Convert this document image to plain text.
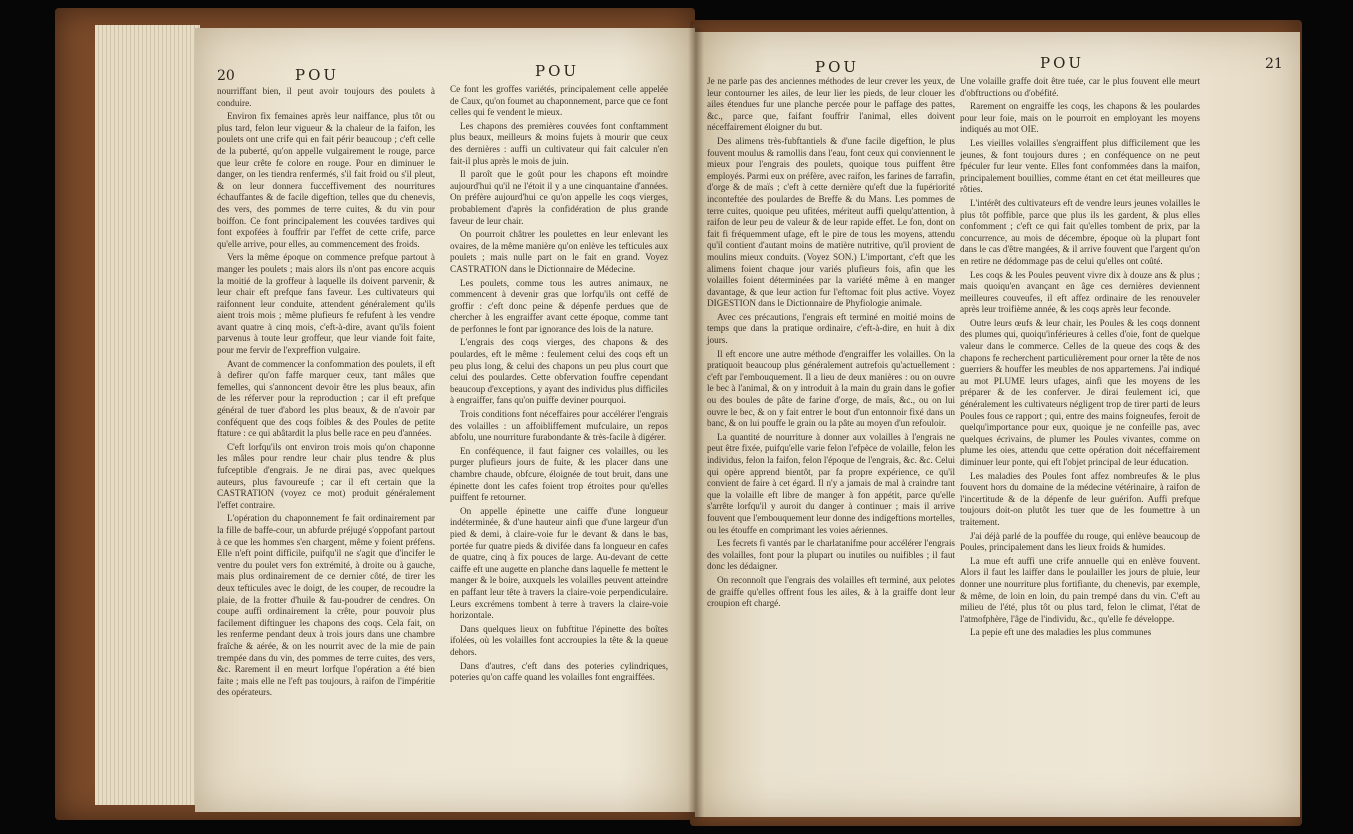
20	POU	POU

nourriffant bien, il peut avoir toujours des poulets à conduire.

Environ fix femaines après leur naiffance, plus tôt ou plus tard, felon leur vigueur & la chaleur de la faifon, les poulets ont une crife qui en fait périr beaucoup ; c'eft celle de la puberté, qu'on appelle vulgairement le rouge, parce que leur crête fe colore en rouge. Pour en diminuer le danger, on les tiendra renfermés, s'il fait froid ou s'il pleut, & on leur donnera fucceffivement des nourritures échauffantes & de facile digeftion, telles que du chenevis, des vers, des pommes de terre cuites, & du vin pour boiffon. Ce font principalement les couvées tardives qui font expofées à fouffrir par l'effet de cette crife, parce qu'elle arrive, pour elles, au commencement des froids.

Vers la même époque on commence prefque partout à manger les poulets ; mais alors ils n'ont pas encore acquis la moitié de la groffeur à laquelle ils doivent parvenir, & leur chair eft prefque fans faveur. Les cultivateurs qui raifonnent leur conduite, attendent généralement qu'ils aient trois mois ; même plufieurs fe refufent à les vendre avant quatre à cinq mois, c'eft-à-dire, avant qu'ils foient parvenus à toute leur groffeur, que leur viande foit faite, pour me fervir de l'expreffion vulgaire.

Avant de commencer la confommation des poulets, il eft à defirer qu'on faffe marquer ceux, tant mâles que femelles, qui s'annoncent devoir être les plus beaux, afin de les réferver pour la reproduction ; car il eft prefque général de tuer d'abord les plus beaux, & de n'avoir par conféquent que des coqs foibles & des Poules de petite ftature : ce qui abâtardit la plus belle race en peu d'années.

C'eft lorfqu'ils ont environ trois mois qu'on chaponne les mâles pour rendre leur chair plus tendre & plus fufceptible d'engrais. Je ne dirai pas, avec quelques auteurs, plus favoureufe ; car il eft certain que la CASTRATION (voyez ce mot) produit généralement l'effet contraire.

L'opération du chaponnement fe fait ordinairement par la fille de baffe-cour, un abfurde préjugé s'oppofant partout à ce que les hommes s'en chargent, même y foient préfens. Elle n'eft point difficile, puifqu'il ne s'agit que d'incifer le ventre du poulet vers fon extrémité, à droite ou à gauche, mais plus ordinairement de ce dernier côté, de tirer les deux tefticules avec le doigt, de les couper, de recoudre la plaie, de la frotter d'huile & fau-poudrer de cendres. On coupe auffi ordinairement la crête, pour pouvoir plus facilement diftinguer les chapons des coqs. Cela fait, on les renferme pendant deux à trois jours dans une chambre fraîche & aérée, & on les nourrit avec de la mie de pain trempée dans du vin, des pommes de terre cuites, des vers, &c. Rarement il en meurt lorfque l'opération a été bien faite ; mais elle ne l'eft pas toujours, à raifon de l'impéritie des opérateurs.

Ce font les groffes variétés, principalement celle appelée de Caux, qu'on foumet au chaponnement, parce que ce font celles qui fe vendent le mieux.

Les chapons des premières couvées font conftamment plus beaux, meilleurs & moins fujets à mourir que ceux des dernières : auffi un cultivateur qui fait calculer n'en fait-il plus après le mois de juin.

Il paroît que le goût pour les chapons eft moindre aujourd'hui qu'il ne l'étoit il y a une cinquantaine d'années. On préfère aujourd'hui ce qu'on appelle les coqs vierges, probablement d'après la confidération de plus grande faveur de leur chair.

On pourroit châtrer les poulettes en leur enlevant les ovaires, de la même manière qu'on enlève les tefticules aux poulets ; mais nulle part on le fait en grand. Voyez CASTRATION dans le Dictionnaire de Médecine.

Les poulets, comme tous les autres animaux, ne commencent à devenir gras que lorfqu'ils ont ceffé de groffir : c'eft donc peine & dépenfe perdues que de chercher à les engraiffer avant cette époque, comme tant de perfonnes le font par ignorance des lois de la nature.

L'engrais des coqs vierges, des chapons & des poulardes, eft le même : feulement celui des coqs eft un peu plus long, & celui des chapons un peu plus court que celui des poulardes. Cette obfervation fouffre cependant beaucoup d'exceptions, y ayant des individus plus difficiles à engraiffer, fans qu'on puiffe deviner pourquoi.

Trois conditions font néceffaires pour accélérer l'engrais des volailles : un affoibliffement mufculaire, un repos abfolu, une nourriture furabondante & très-facile à digérer.

En conféquence, il faut faigner ces volailles, ou les purger plufieurs jours de fuite, & les placer dans une chambre chaude, obfcure, éloignée de tout bruit, dans une épinette dont les cafes foient trop étroites pour qu'elles puiffent fe retourner.

On appelle épinette une caiffe d'une longueur indéterminée, & d'une hauteur ainfi que d'une largeur d'un pied & demi, à claire-voie fur le devant & dans le bas, portée fur quatre pieds & divifée dans fa longueur en cafes de quatre, cinq à fix pouces de large. Au-devant de cette caiffe eft une augette en planche dans laquelle fe mettent le manger & le boire, auxquels les volailles peuvent atteindre en paffant leur tête à travers la claire-voie perpendiculaire. Leurs excrémens tombent à terre à travers la claire-voie horizontale.

Dans quelques lieux on fubftitue l'épinette des boîtes ifolées, où les volailles font accroupies la tête & la queue dehors.

Dans d'autres, c'eft dans des poteries cylindriques, poteries qu'on caffe quand les volailles font engraiffées.

POU	POU	21

Je ne parle pas des anciennes méthodes de leur crever les yeux, de leur contourner les ailes, de leur lier les pieds, de leur clouer les ailes étendues fur une planche percée pour le paffage des pattes, &c., parce que, faifant fouffrir l'animal, elles doivent néceffairement éloigner du but.

Des alimens très-fubftantiels & d'une facile digeftion, le plus fouvent moulus & ramollis dans l'eau, font ceux qui conviennent le mieux pour l'engrais des poulets, quoique tous puiffent être employés. Parmi eux on préfère, avec raifon, les farines de farrafin, d'orge & de maïs ; c'eft à cette dernière qu'eft due la fupériorité inconteftée des poulardes de Breffe & du Mans. Les pommes de terre cuites, quoique peu ufitées, mériteut auffi quelqu'attention, à raifon de leur peu de valeur & de leur rapide effet. Le fon, dont on fait fi fréquemment ufage, eft le pire de tous les moyens, attendu qu'il contient d'autant moins de matière nutritive, qu'il provient de moulins mieux conduits. (Voyez SON.) L'important, c'eft que les alimens foient chaque jour variés plufieurs fois, afin que les volailles foient déterminées par la variété même à en manger davantage, & que leur action fur l'eftomac foit plus active. Voyez DIGESTION dans le Dictionnaire de Phyfiologie animale.

Avec ces précautions, l'engrais eft terminé en moitié moins de temps que dans la pratique ordinaire, c'eft-à-dire, en huit à dix jours.

Il eft encore une autre méthode d'engraiffer les volailles. On la pratiquoit beaucoup plus généralement autrefois qu'actuellement : c'eft par l'embouquement. Il a lieu de deux manières : ou on ouvre le bec à l'animal, & on y introduit à la main du grain dans le gofier ou des boules de pâte de farine d'orge, de maïs, &c., ou on lui ouvre le bec, & on y fait entrer le bout d'un entonnoir fixé dans un banc, & on lui pouffe le grain ou la pâte au moyen d'un refouloir.

La quantité de nourriture à donner aux volailles à l'engrais ne peut être fixée, puifqu'elle varie felon l'efpèce de volaille, felon les individus, felon la faifon, felon l'époque de l'engrais, &c. &c. Celui qui opère apprend bientôt, par fa propre expérience, ce qu'il convient de faire à cet égard. Il n'y a jamais de mal à craindre tant que la volaille eft libre de manger à fon appétit, parce qu'elle s'arrête lorfqu'il y auroit du danger à continuer ; mais il arrive fouvent que l'embouquement leur donne des indigeftions mortelles, ou les étouffe en comprimant les voies aériennes.

Les fecrets fi vantés par le charlatanifme pour accélérer l'engrais des volailles, font pour la plupart ou inutiles ou nuifibles ; il faut donc les dédaigner.

On reconnoît que l'engrais des volailles eft terminé, aux pelotes de graiffe qu'elles offrent fous les ailes, & à la graiffe dont leur croupion eft chargé.

Une volaille graffe doit être tuée, car le plus fouvent elle meurt d'obftructions ou d'obéfité.

Rarement on engraiffe les coqs, les chapons & les poulardes pour leur foie, mais on le pourroit en employant les moyens indiqués au mot OIE.

Les vieilles volailles s'engraiffent plus difficilement que les jeunes, & font toujours dures ; en conféquence on ne peut fpéculer fur leur vente. Elles font confommées dans la maifon, principalement bouillies, comme étant en cet état meilleures que rôties.

L'intérêt des cultivateurs eft de vendre leurs jeunes volailles le plus tôt poffible, parce que plus ils les gardent, & plus elles confomment ; c'eft ce qui fait qu'elles tombent de prix, par la concurrence, au mois de décembre, époque où la plupart font dans le cas d'être mangées, & il arrive fouvent que l'argent qu'on en retire ne dédommage pas de celui qu'elles ont coûté.

Les coqs & les Poules peuvent vivre dix à douze ans & plus ; mais quoiqu'en avançant en âge ces dernières deviennent meilleures couveufes, il eft affez ordinaire de les renouveler après leur troifième année, & les coqs après leur feconde.

Outre leurs œufs & leur chair, les Poules & les coqs donnent des plumes qui, quoiqu'inférieures à celles d'oie, font de quelque valeur dans le commerce. Celles de la queue des coqs & des chapons fe recherchent particulièrement pour orner la tête de nos guerriers & houffer les meubles de nos appartemens. J'ai indiqué au mot PLUME leurs ufages, ainfi que les moyens de les préparer & de les conferver. Je dirai feulement ici, que généralement les cultivateurs négligent trop de tirer parti de leurs Poules fous ce rapport ; qui, entre des mains foigneufes, feroit de quelqu'importance pour eux, quoique je ne confeille pas, avec quelques écrivains, de plumer les Poules vivantes, comme on plume les oies, attendu que cette opération doit néceffairement diminuer leur ponte, qui eft l'objet principal de leur éducation.

Les maladies des Poules font affez nombreufes & le plus fouvent hors du domaine de la médecine vétérinaire, à raifon de l'incertitude & de la dépenfe de leur guérifon. Auffi prefque toujours doit-on plutôt les tuer que de les foumettre à un traitement.

J'ai déjà parlé de la pouffée du rouge, qui enlève beaucoup de Poules, principalement dans les lieux froids & humides.

La mue eft auffi une crife annuelle qui en enlève fouvent. Alors il faut les laiffer dans le poulailler les jours de pluie, leur donner une nourriture plus fortifiante, du chenevis, par exemple, & même, de loin en loin, du pain trempé dans du vin. C'eft au milieu de l'été, plus tôt ou plus tard, felon le climat, l'état de l'atmofphère, l'âge de l'individu, &c., qu'elle fe développe.

La pepie eft une des maladies les plus communes
